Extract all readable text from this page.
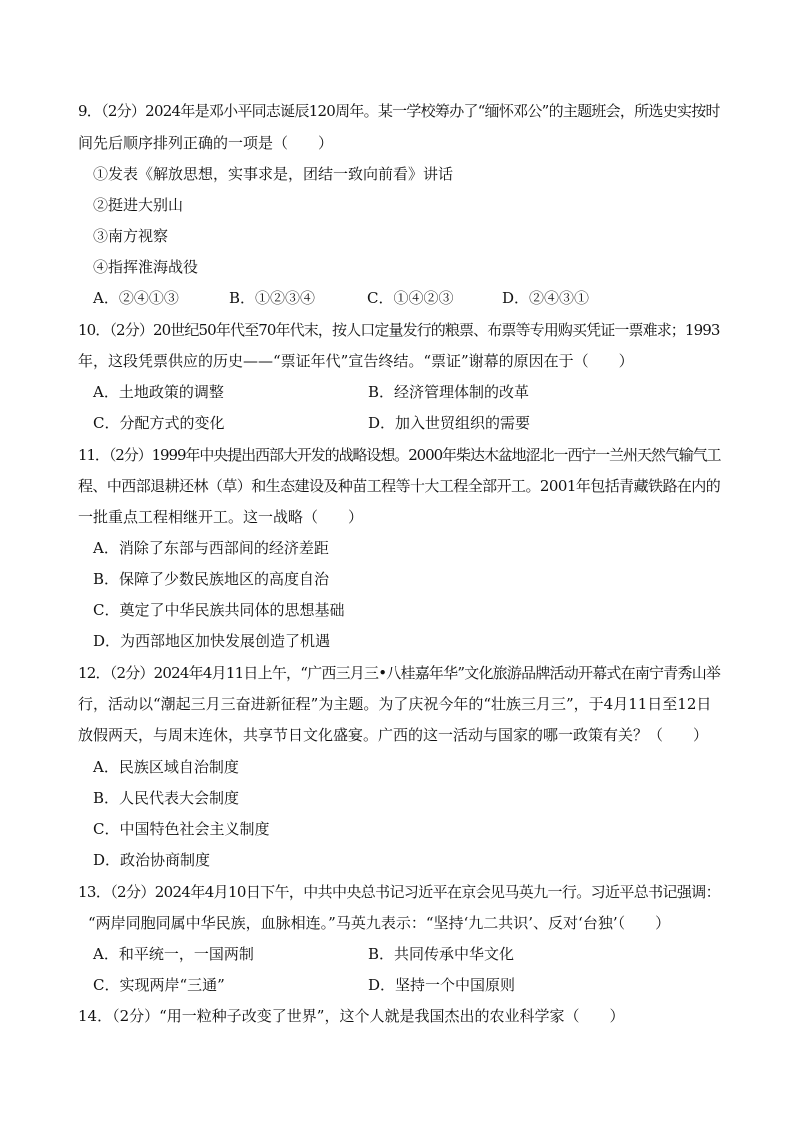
9．（2分）2024年是邓小平同志诞辰120周年。某一学校筹办了“缅怀邓公”的主题班会，所选史实按时
间先后顺序排列正确的一项是（　　）
①发表《解放思想，实事求是，团结一致向前看》讲话
②挺进大别山
③南方视察
④指挥淮海战役
A．②④①③	B．①②③④	C．①④②③	D．②④③①
10．（2分）20世纪50年代至70年代末，按人口定量发行的粮票、布票等专用购买凭证一票难求；1993
年，这段凭票供应的历史——“票证年代”宣告终结。“票证”谢幕的原因在于（　　）
A．土地政策的调整	B．经济管理体制的改革
C．分配方式的变化	D．加入世贸组织的需要
11．（2分）1999年中央提出西部大开发的战略设想。2000年柴达木盆地涩北一西宁一兰州天然气输气工
程、中西部退耕还林（草）和生态建设及种苗工程等十大工程全部开工。2001年包括青藏铁路在内的
一批重点工程相继开工。这一战略（　　）
A．消除了东部与西部间的经济差距
B．保障了少数民族地区的高度自治
C．奠定了中华民族共同体的思想基础
D．为西部地区加快发展创造了机遇
12．（2分）2024年4月11日上午，“广西三月三•八桂嘉年华”文化旅游品牌活动开幕式在南宁青秀山举
行，活动以“潮起三月三奋进新征程”为主题。为了庆祝今年的“壮族三月三”，于4月11日至12日
放假两天，与周末连休，共享节日文化盛宴。广西的这一活动与国家的哪一政策有关？（　　）
A．民族区域自治制度
B．人民代表大会制度
C．中国特色社会主义制度
D．政治协商制度
13．（2分）2024年4月10日下午，中共中央总书记习近平在京会见马英九一行。习近平总书记强调：
“两岸同胞同属中华民族，血脉相连。”马英九表示：“坚持‘九二共识’、反对‘台独’（　　）
A．和平统一，一国两制	B．共同传承中华文化
C．实现两岸“三通”	D．坚持一个中国原则
14．（2分）“用一粒种子改变了世界”，这个人就是我国杰出的农业科学家（　　）
